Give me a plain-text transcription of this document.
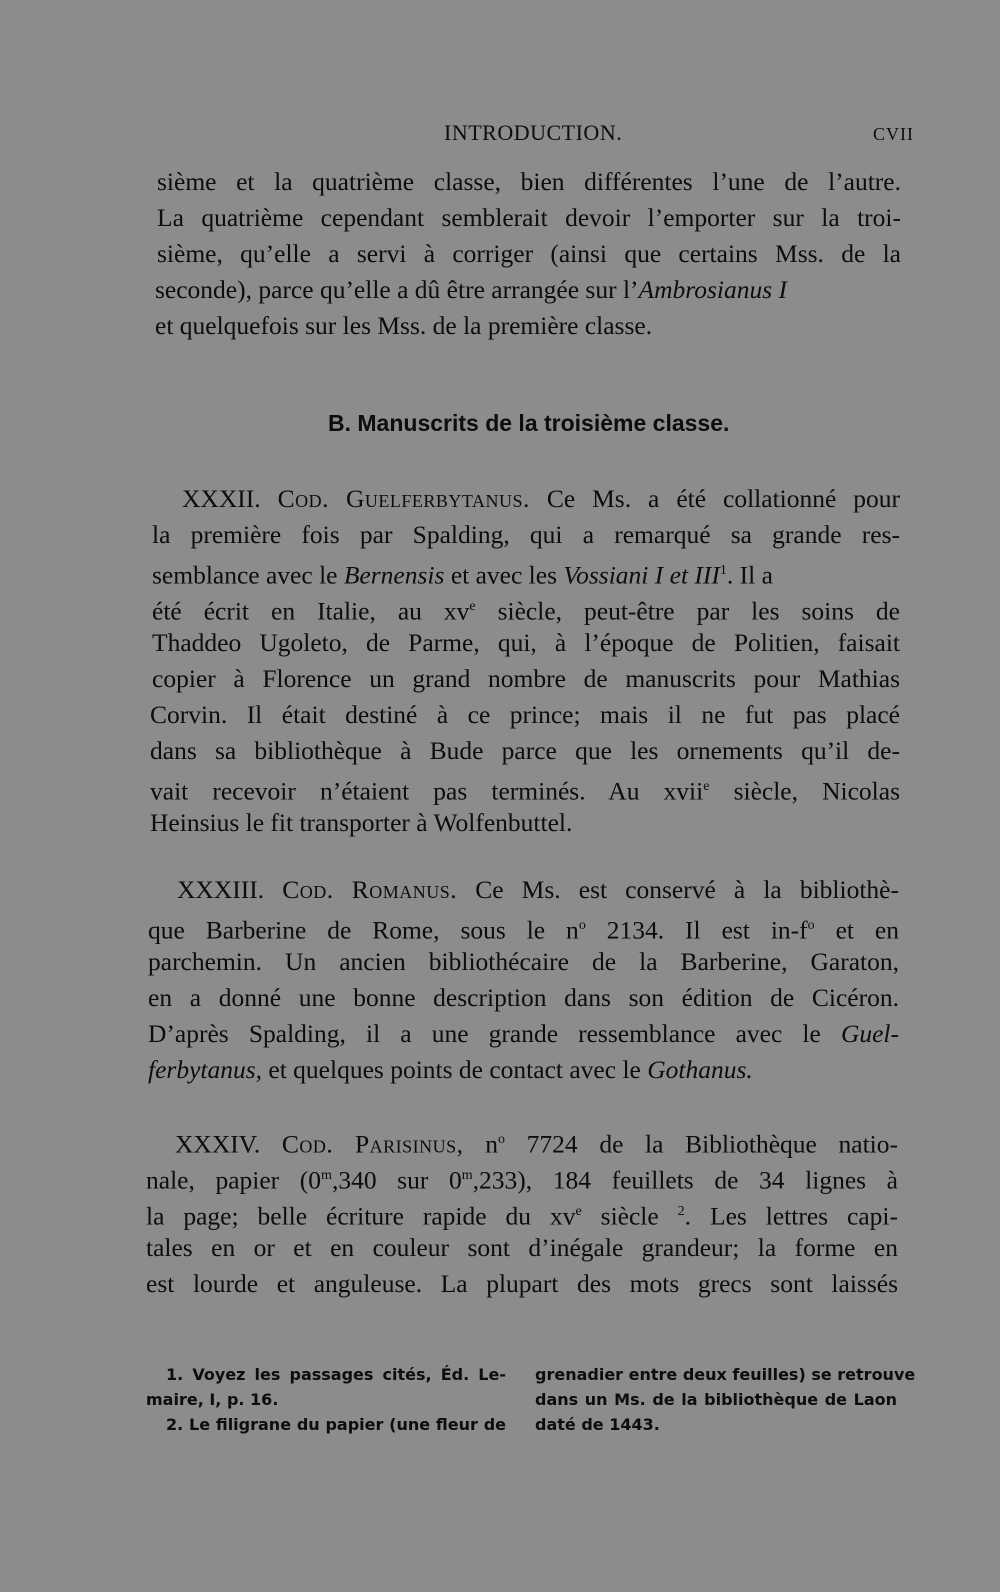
INTRODUCTION.	CVII
sième et la quatrième classe, bien différentes l’une de l’autre.
La quatrième cependant semblerait devoir l’emporter sur la troi-
sième, qu’elle a servi à corriger (ainsi que certains Mss. de la
seconde), parce qu’elle a dû être arrangée sur l’Ambrosianus I
et quelquefois sur les Mss. de la première classe.
B. Manuscrits de la troisième classe.
XXXII. Cod. Guelferbytanus. Ce Ms. a été collationné pour
la première fois par Spalding, qui a remarqué sa grande res-
semblance avec le Bernensis et avec les Vossiani I et III$^1$. Il a
été écrit en Italie, au $xv^e$ siècle, peut-être par les soins de
Thaddeo Ugoleto, de Parme, qui, à l’époque de Politien, faisait
copier à Florence un grand nombre de manuscrits pour Mathias
Corvin. Il était destiné à ce prince; mais il ne fut pas placé
dans sa bibliothèque à Bude parce que les ornements qu’il de-
vait recevoir n’étaient pas terminés. Au xvii$^e$ siècle, Nicolas
Heinsius le fit transporter à Wolfenbuttel.
XXXIII. Cod. Romanus. Ce Ms. est conservé à la bibliothè-
que Barberine de Rome, sous le $n^o$ 2134. Il est $in-f^o$ et en
parchemin. Un ancien bibliothécaire de la Barberine, Garaton,
en a donné une bonne description dans son édition de Cicéron.
D’après Spalding, il a une grande ressemblance avec le Guel-
ferbytanus, et quelques points de contact avec le Gothanus.
XXXIV. Cod. Parisinus, $n^o$ 7724 de la Bibliothèque natio-
nale, papier (0$^m$,340 sur 0$^m$,233), 184 feuillets de 34 lignes à
la page; belle écriture rapide du $xv^e$ siècle $^2$. Les lettres capi-
tales en or et en couleur sont d’inégale grandeur; la forme en
est lourde et anguleuse. La plupart des mots grecs sont laissés
1. Voyez les passages cités, Éd. Le-
maire, I, p. 16.
2. Le filigrane du papier (une fleur de
grenadier entre deux feuilles) se retrouve
dans un Ms. de la bibliothèque de Laon
daté de 1443.
